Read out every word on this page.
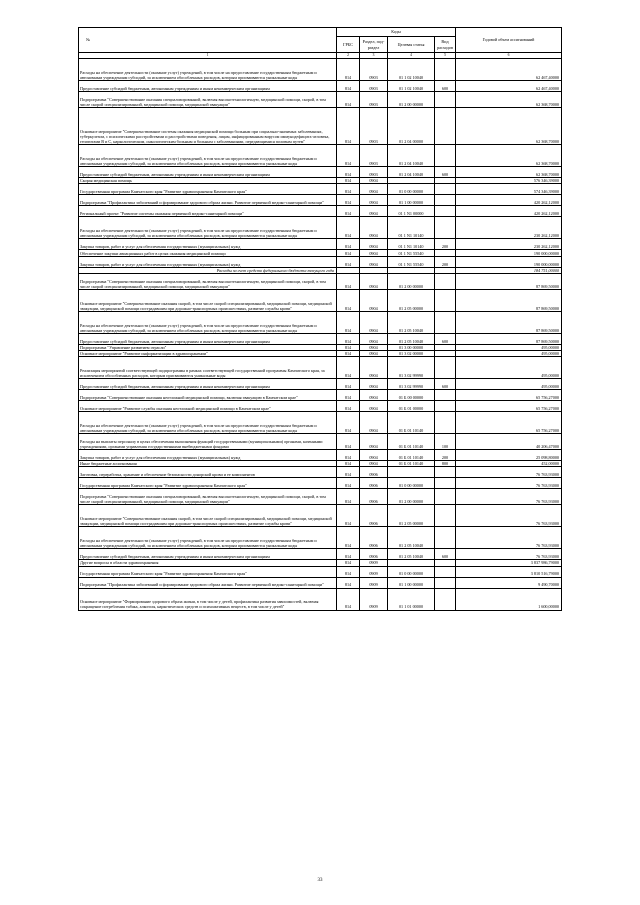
№	Коды				Годовой объем ассигнований
	ГРБС	Раздел, под-раздел	Целевая статья	Вид расходов	
1	2	3	4	5	6
Расходы на обеспечение деятельности (оказание услуг) учреждений, в том числе на предоставление государственным бюджетным и автономным учреждениям субсидий, за исключением обособленных расходов, которым присваиваются уникальные коды	814	0903	01 1 02 10040		62 467,40000
Предоставление субсидий бюджетным, автономным учреждениям и иным некоммерческим организациям	814	0903	01 1 02 10040	600	62 467,40000
Подпрограмма "Совершенствование оказания специализированной, включая высокотехнологичную, медицинской помощи, скорой, в том числе скорой специализированной, медицинской помощи, медицинской эвакуации"	814	0903	01 2 00 00000		62 368,70000
Основное мероприятие "Совершенствование системы оказания медицинской помощи больным при социально-значимых заболеваниях, туберкулезом, с психическими расстройствами и расстройствами поведения, лицам, инфицированным вирусом иммунодефицита человека, гепатитами В и С, наркологическим, онкологическим больным и больным с заболеваниями, передающимися половым путем"	814	0903	01 2 04 00000		62 368,70000
Расходы на обеспечение деятельности (оказание услуг) учреждений, в том числе на предоставление государственным бюджетным и автономным учреждениям субсидий, за исключением обособленных расходов, которым присваиваются уникальные коды	814	0903	01 2 04 10040		62 368,70000
Предоставление субсидий бюджетным, автономным учреждениям и иным некоммерческим организациям	814	0903	01 2 04 10040	600	62 368,70000
Скорая медицинская помощь	814	0904			576 346,39000
Государственная программа Камчатского края "Развитие здравоохранения Камчатского края"	814	0904	01 0 00 00000		574 346,39000
Подпрограмма "Профилактика заболеваний и формирование здорового образа жизни. Развитие первичной медико-санитарной помощи"	814	0904	01 1 00 00000		420 262,12000
Региональный проект "Развитие системы оказания первичной медико-санитарной помощи"	814	0904	01 1 N1 00000		420 262,12000
Расходы на обеспечение деятельности (оказание услуг) учреждений, в том числе на предоставление государственным бюджетным и автономным учреждениям субсидий, за исключением обособленных расходов, которым присваиваются уникальные коды	814	0904	01 1 N1 10140		230 262,12000
Закупка товаров, работ и услуг для обеспечения государственных (муниципальных) нужд	814	0904	01 1 N1 10140	200	230 262,12000
Обеспечение закупки авиационных работ в целях оказания медицинской помощи	814	0904	01 1 N1 55540		190 000,00000
Закупка товаров, работ и услуг для обеспечения государственных (муниципальных) нужд	814	0904	01 1 N1 55540	200	190 000,00000
Расходы за счет средств федерального бюджета текущего года					184 751,00000
Подпрограмма "Совершенствование оказания специализированной, включая высокотехнологичную, медицинской помощи, скорой, в том числе скорой специализированной, медицинской помощи, медицинской эвакуации"	814	0904	01 2 00 00000		87 869,50000
Основное мероприятие "Совершенствование оказания скорой, в том числе скорой специализированной, медицинской помощи, медицинской эвакуации, медицинской помощи пострадавшим при дорожно-транспортных происшествиях, развитие службы крови"	814	0904	01 2 05 00000		87 869,50000
Расходы на обеспечение деятельности (оказание услуг) учреждений, в том числе на предоставление государственным бюджетным и автономным учреждениям субсидий, за исключением обособленных расходов, которым присваиваются уникальные коды	814	0904	01 2 05 10040		87 869,50000
Предоставление субсидий бюджетным, автономным учреждениям и иным некоммерческим организациям	814	0904	01 2 05 10040	600	87 869,50000
Подпрограмма "Управление развитием отрасли"	814	0904	01 3 00 00000		495,00000
Основное мероприятие "Развитие информатизации в здравоохранении"	814	0904	01 3 02 00000		495,00000
Реализация мероприятий соответствующей подпрограммы в рамках соответствующей государственной программы Камчатского края, за исключением обособленных расходов, которым присваиваются уникальные коды	814	0904	01 3 02 99990		495,00000
Предоставление субсидий бюджетным, автономным учреждениям и иным некоммерческим организациям	814	0904	01 3 02 99990	600	495,00000
Подпрограмма "Совершенствование оказания неотложной медицинской помощи, включая эвакуацию в Камчатском крае"	814	0904	01 Б 00 00000		65 756,27000
Основное мероприятие "Развитие службы оказания неотложной медицинской помощи в Камчатском крае"	814	0904	01 Б 01 00000		65 756,27000
Расходы на обеспечение деятельности (оказание услуг) учреждений, в том числе на предоставление государственным бюджетным и автономным учреждениям субсидий, за исключением обособленных расходов, которым присваиваются уникальные коды	814	0904	01 Б 01 10140		65 756,27000
Расходы на выплаты персоналу в целях обеспечения выполнения функций государственными (муниципальными) органами, казенными учреждениями, органами управления государственными внебюджетными фондами	814	0904	01 Б 01 10140	100	40 206,47000
Закупка товаров, работ и услуг для обеспечения государственных (муниципальных) нужд	814	0904	01 Б 01 10140	200	25 098,80000
Иные бюджетные ассигнования	814	0904	01 Б 01 10140	800	452,00000
Заготовка, переработка, хранение и обеспечение безопасности донорской крови и ее компонентов	814	0906			76 763,93000
Государственная программа Камчатского края "Развитие здравоохранения Камчатского края"	814	0906	01 0 00 00000		76 763,93000
Подпрограмма "Совершенствование оказания специализированной, включая высокотехнологичную, медицинской помощи, скорой, в том числе скорой специализированной, медицинской помощи, медицинской эвакуации"	814	0906	01 2 00 00000		76 763,93000
Основное мероприятие "Совершенствование оказания скорой, в том числе скорой специализированной, медицинской помощи, медицинской эвакуации, медицинской помощи пострадавшим при дорожно-транспортных происшествиях, развитие службы крови"	814	0906	01 2 05 00000		76 763,93000
Расходы на обеспечение деятельности (оказание услуг) учреждений, в том числе на предоставление государственным бюджетным и автономным учреждениям субсидий, за исключением обособленных расходов, которым присваиваются уникальные коды	814	0906	01 2 05 10040		76 763,93000
Предоставление субсидий бюджетным, автономным учреждениям и иным некоммерческим организациям	814	0906	01 2 05 10040	600	76 763,93000
Другие вопросы в области здравоохранения	814	0909			3 837 986,79000
Государственная программа Камчатского края "Развитие здравоохранения Камчатского края"	814	0909	01 0 00 00000		3 810 516,79000
Подпрограмма "Профилактика заболеваний и формирование здорового образа жизни. Развитие первичной медико-санитарной помощи"	814	0909	01 1 00 00000		9 490,70000
Основное мероприятие "Формирование здорового образа жизни, в том числе у детей, профилактика развития зависимостей, включая сокращение потребления табака, алкоголя, наркотических средств и психоактивных веществ, в том числе у детей"	814	0909	01 1 01 00000		1 600,00000
33
